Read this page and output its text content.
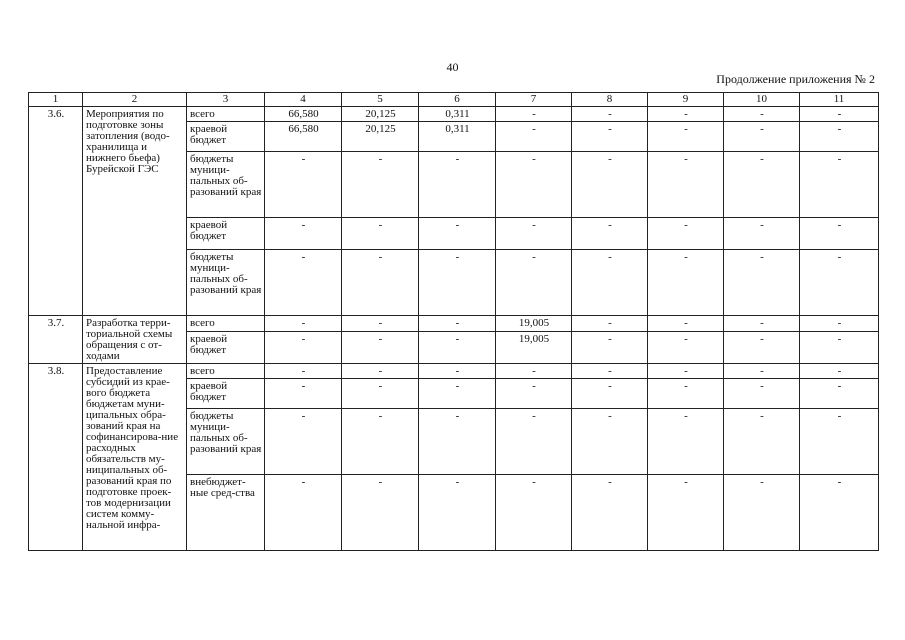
40
Продолжение приложения № 2
1	2	3	4	5	6	7	8	9	10	11
3.6.	Мероприятия по подготовке зоны затопления (водо-хранилища и нижнего бьефа) Бурейской ГЭС	всего	66,580	20,125	0,311	-	-	-	-	-
		краевой бюджет	66,580	20,125	0,311	-	-	-	-	-
		бюджеты муници-пальных об-разований края	-	-	-	-	-	-	-	-
		краевой бюджет	-	-	-	-	-	-	-	-
		бюджеты муници-пальных об-разований края	-	-	-	-	-	-	-	-
3.7.	Разработка терри-ториальной схемы обращения с от-ходами	всего	-	-	-	19,005	-	-	-	-
		краевой бюджет	-	-	-	19,005	-	-	-	-
3.8.	Предоставление субсидий из крае-вого бюджета бюджетам муни-ципальных обра-зований края на софинансирова-ние расходных обязательств му-ниципальных об-разований края по подготовке проек-тов модернизации систем комму-нальной инфра-	всего	-	-	-	-	-	-	-	-
		краевой бюджет	-	-	-	-	-	-	-	-
		бюджеты муници-пальных об-разований края	-	-	-	-	-	-	-	-
		внебюджет-ные сред-ства	-	-	-	-	-	-	-	-
